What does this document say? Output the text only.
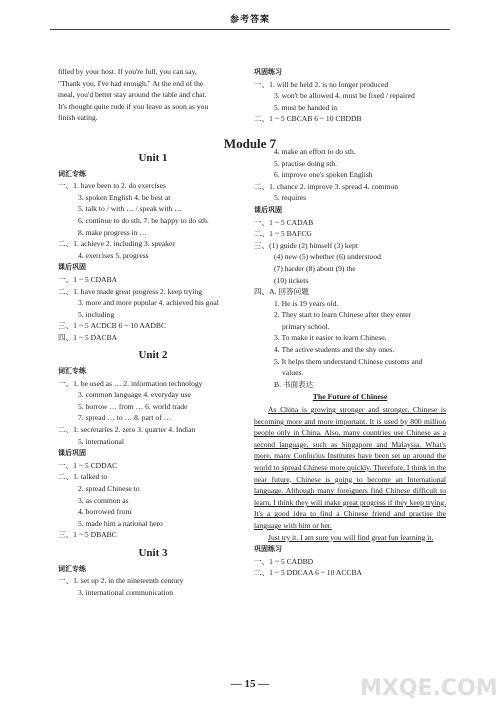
参考答案
filled by your host. If you're full, you can say,
"Thank you, I've had enough." At the end of the
meal, you'd better stay around the table and chat.
It's thought quite rude if you leave as soon as you
finish eating.
Unit 1
词汇专练
一、1. have been to 2. do exercises
3. spoken English 4. be best at
5. talk to / with … / speak with …
6. continue to do sth. 7. be happy to do sth.
8. make progress in …
二、1. achieve 2. including 3. speaker
4. exercises 5. progress
课后巩固
一、1 ~ 5 CDABA
二、1. have made great progress 2. keep trying
3. more and more popular 4. achieved his goal
5. including
三、1 ~ 5 ACDCB 6 ~ 10 AADBC
四、1 ~ 5 DACBA
Unit 2
词汇专练
一、1. be used as … 2. information technology
3. common language 4. everyday use
5. borrow … from … 6. world trade
7. spread … to … 8. part of …
二、1. secretaries 2. zero 3. quarter 4. Indian
5. international
课后巩固
一、1 ~ 5 CDDAC
二、1. talked to
2. spread Chinese to
3. as common as
4. borrowed from
5. made him a national hero
三、1 ~ 5 DBABC
Unit 3
词汇专练
一、1. set up 2. in the nineteenth century
3. international communication
Module 7
巩固练习
一、1. will be held 2. is no longer produced
3. won't be allowed 4. must be fixed / repaired
5. must be handed in
二、1 ~ 5 CBCAB 6 ~ 10 CBDDB
4. make an effort to do sth.
5. practise doing sth.
6. improve one's spoken English
二、1. chance 2. improve 3. spread 4. common
5. requires
课后巩固
一、1 ~ 5 CADAB
二、1 ~ 5 BAFCG
三、(1) guide (2) himself (3) kept
(4) new (5) whether (6) understood
(7) harder (8) about (9) the
(10) tickets
四、A. 回答问题
1. He is 19 years old.
2. They start to learn Chinese after they enter
primary school.
3. To make it easier to learn Chinese.
4. The active students and the shy ones.
5. It helps them understand Chinese customs and
values.
B. 书面表达
The Future of Chinese
As China is growing stronger and stronger, Chinese is becoming more and more important. It is used by 800 million people only in China. Also, many countries use Chinese as a second language, such as Singapore and Malaysia. What's more, many Confucius Institutes have been set up around the world to spread Chinese more quickly. Therefore, I think in the near future, Chinese is going to become an International language. Although many foreigners find Chinese difficult to learn, I think they will make great progress if they keep trying. It's a good idea to find a Chinese friend and practise the language with him or her.
Just try it. I am sure you will find great fun learning it.
巩固练习
一、1 ~ 5 CADBD
二、1 ~ 5 DDCAA 6 ~ 10 ACCBA
— 15 —	MXQE.COM
